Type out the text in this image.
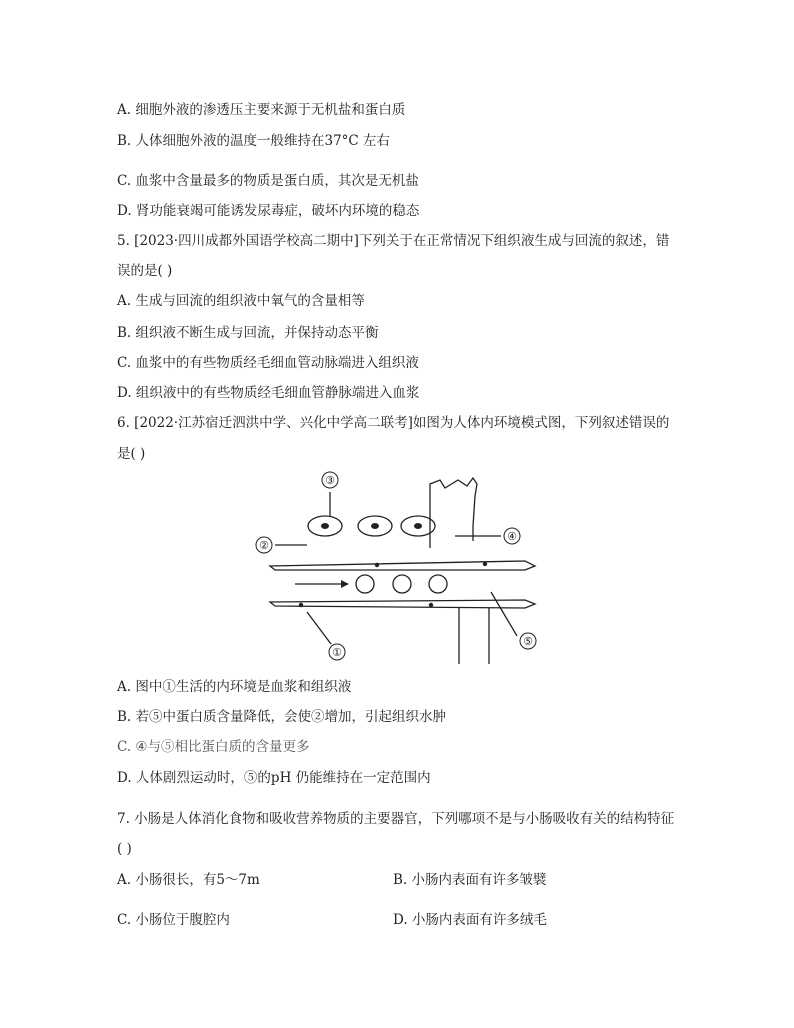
A. 细胞外液的渗透压主要来源于无机盐和蛋白质
B. 人体细胞外液的温度一般维持在37°C 左右
C. 血浆中含量最多的物质是蛋白质，其次是无机盐
D. 肾功能衰竭可能诱发尿毒症，破坏内环境的稳态
5. [2023·四川成都外国语学校高二期中]下列关于在正常情况下组织液生成与回流的叙述，错
误的是( )
A. 生成与回流的组织液中氧气的含量相等
B. 组织液不断生成与回流，并保持动态平衡
C. 血浆中的有些物质经毛细血管动脉端进入组织液
D. 组织液中的有些物质经毛细血管静脉端进入血浆
6. [2022·江苏宿迁泗洪中学、兴化中学高二联考]如图为人体内环境模式图，下列叙述错误的
是( )
③
②
④
⑤
①
A. 图中①生活的内环境是血浆和组织液
B. 若⑤中蛋白质含量降低，会使②增加，引起组织水肿
C. ④与⑤相比蛋白质的含量更多
D. 人体剧烈运动时，⑤的pH 仍能维持在一定范围内
7. 小肠是人体消化食物和吸收营养物质的主要器官，下列哪项不是与小肠吸收有关的结构特征
( )
A. 小肠很长，有5～7m	B. 小肠内表面有许多皱襞
C. 小肠位于腹腔内	D. 小肠内表面有许多绒毛
